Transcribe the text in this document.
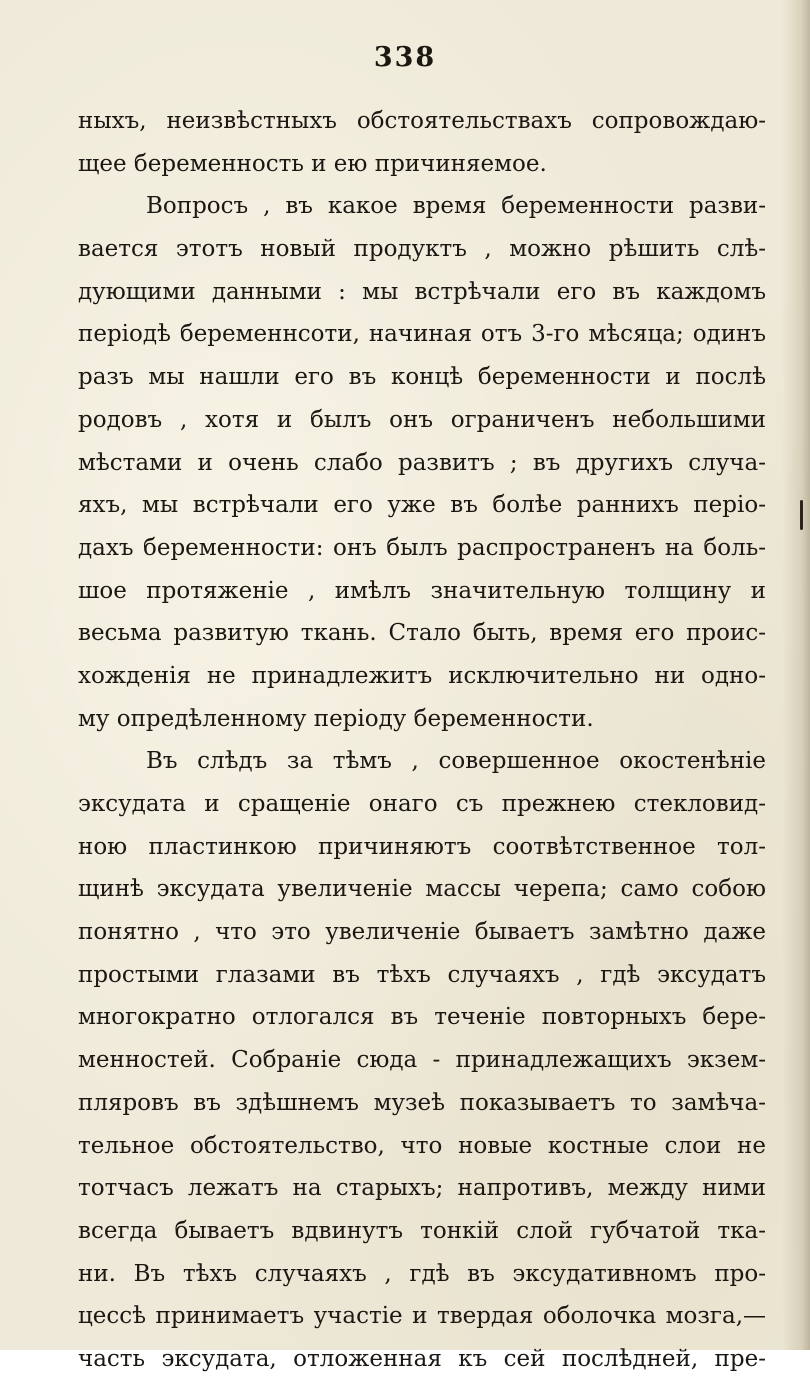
338
ныхъ, неизвѣстныхъ обстоятельствахъ сопровождаю-
щее беременность и ею причиняемое.
Вопросъ , въ какое время беременности разви-
вается этотъ новый продуктъ , можно рѣшить слѣ-
дующими данными : мы встрѣчали его въ каждомъ
періодѣ беременнсоти, начиная отъ 3-го мѣсяца; одинъ
разъ мы нашли его въ концѣ беременности и послѣ
родовъ , хотя и былъ онъ ограниченъ небольшими
мѣстами и очень слабо развитъ ; въ другихъ случа-
яхъ, мы встрѣчали его уже въ болѣе раннихъ періо-
дахъ беременности: онъ былъ распространенъ на боль-
шое протяженіе , имѣлъ значительную толщину и
весьма развитую ткань. Стало быть, время его проис-
хожденія не принадлежитъ исключительно ни одно-
му опредѣленному періоду беременности.
Въ слѣдъ за тѣмъ , совершенное окостенѣніе
эксудата и сращеніе онаго съ прежнею стекловид-
ною пластинкою причиняютъ соотвѣтственное тол-
щинѣ эксудата увеличеніе массы черепа; само собою
понятно , что это увеличеніе бываетъ замѣтно даже
простыми глазами въ тѣхъ случаяхъ , гдѣ эксудатъ
многократно отлогался въ теченіе повторныхъ бере-
менностей. Собраніе сюда - принадлежащихъ экзем-
пляровъ въ здѣшнемъ музеѣ показываетъ то замѣча-
тельное обстоятельство, что новые костные слои не
тотчасъ лежатъ на старыхъ; напротивъ, между ними
всегда бываетъ вдвинутъ тонкій слой губчатой тка-
ни. Въ тѣхъ случаяхъ , гдѣ въ эксудативномъ про-
цессѣ принимаетъ участіе и твердая оболочка мозга,—
часть эксудата, отложенная къ сей послѣдней, пре-
